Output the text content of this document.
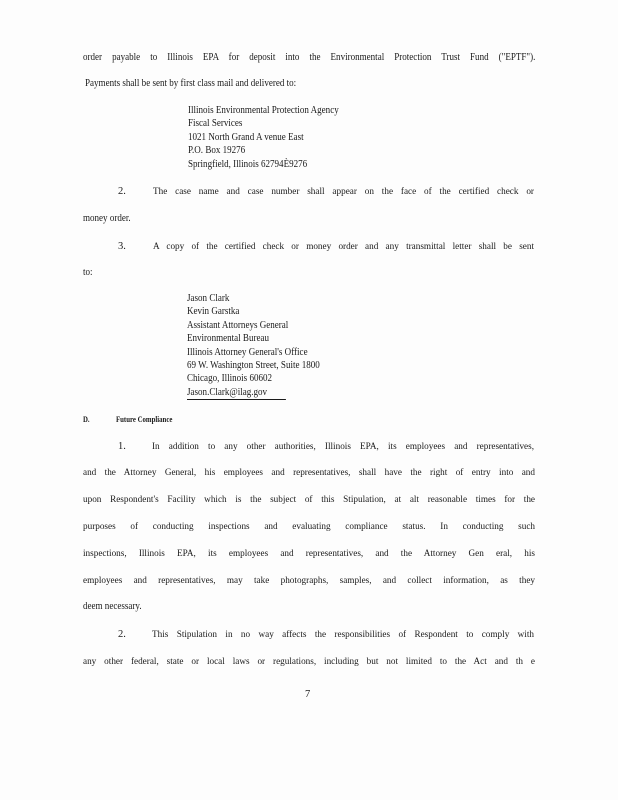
order payable to Illinois EPA for deposit into the Environmental Protection Trust Fund ("EPTF").
Payments shall be sent by first class mail and delivered to:
Illinois Environmental Protection Agency
Fiscal Services
1021 North Grand A venue East
P.O. Box 19276
Springfield, Illinois 62794È9276
2.	The case name and case number shall appear on the face of the certified check or
money order.
3.	A copy of the certified check or money order and any transmittal letter shall be sent
to:
Jason Clark
Kevin Garstka
Assistant Attorneys General
Environmental Bureau
Illinois Attorney General's Office
69 W. Washington Street, Suite 1800
Chicago, Illinois 60602
Jason.Clark@ilag.gov
D.	Future Compliance
1.	In addition to any other authorities, Illinois EPA, its employees and representatives,
and the Attorney General, his employees and representatives, shall have the right of entry into and
upon Respondent's Facility which is the subject of this Stipulation, at alt reasonable times for the
purposes of conducting inspections and evaluating compliance status. In conducting such
inspections, Illinois EPA, its employees and representatives, and the Attorney Gen eral, his
employees and representatives, may take photographs, samples, and collect information, as they
deem necessary.
2.	This Stipulation in no way affects the responsibilities of Respondent to comply with
any other federal, state or local laws or regulations, including but not limited to the Act and th e
7
